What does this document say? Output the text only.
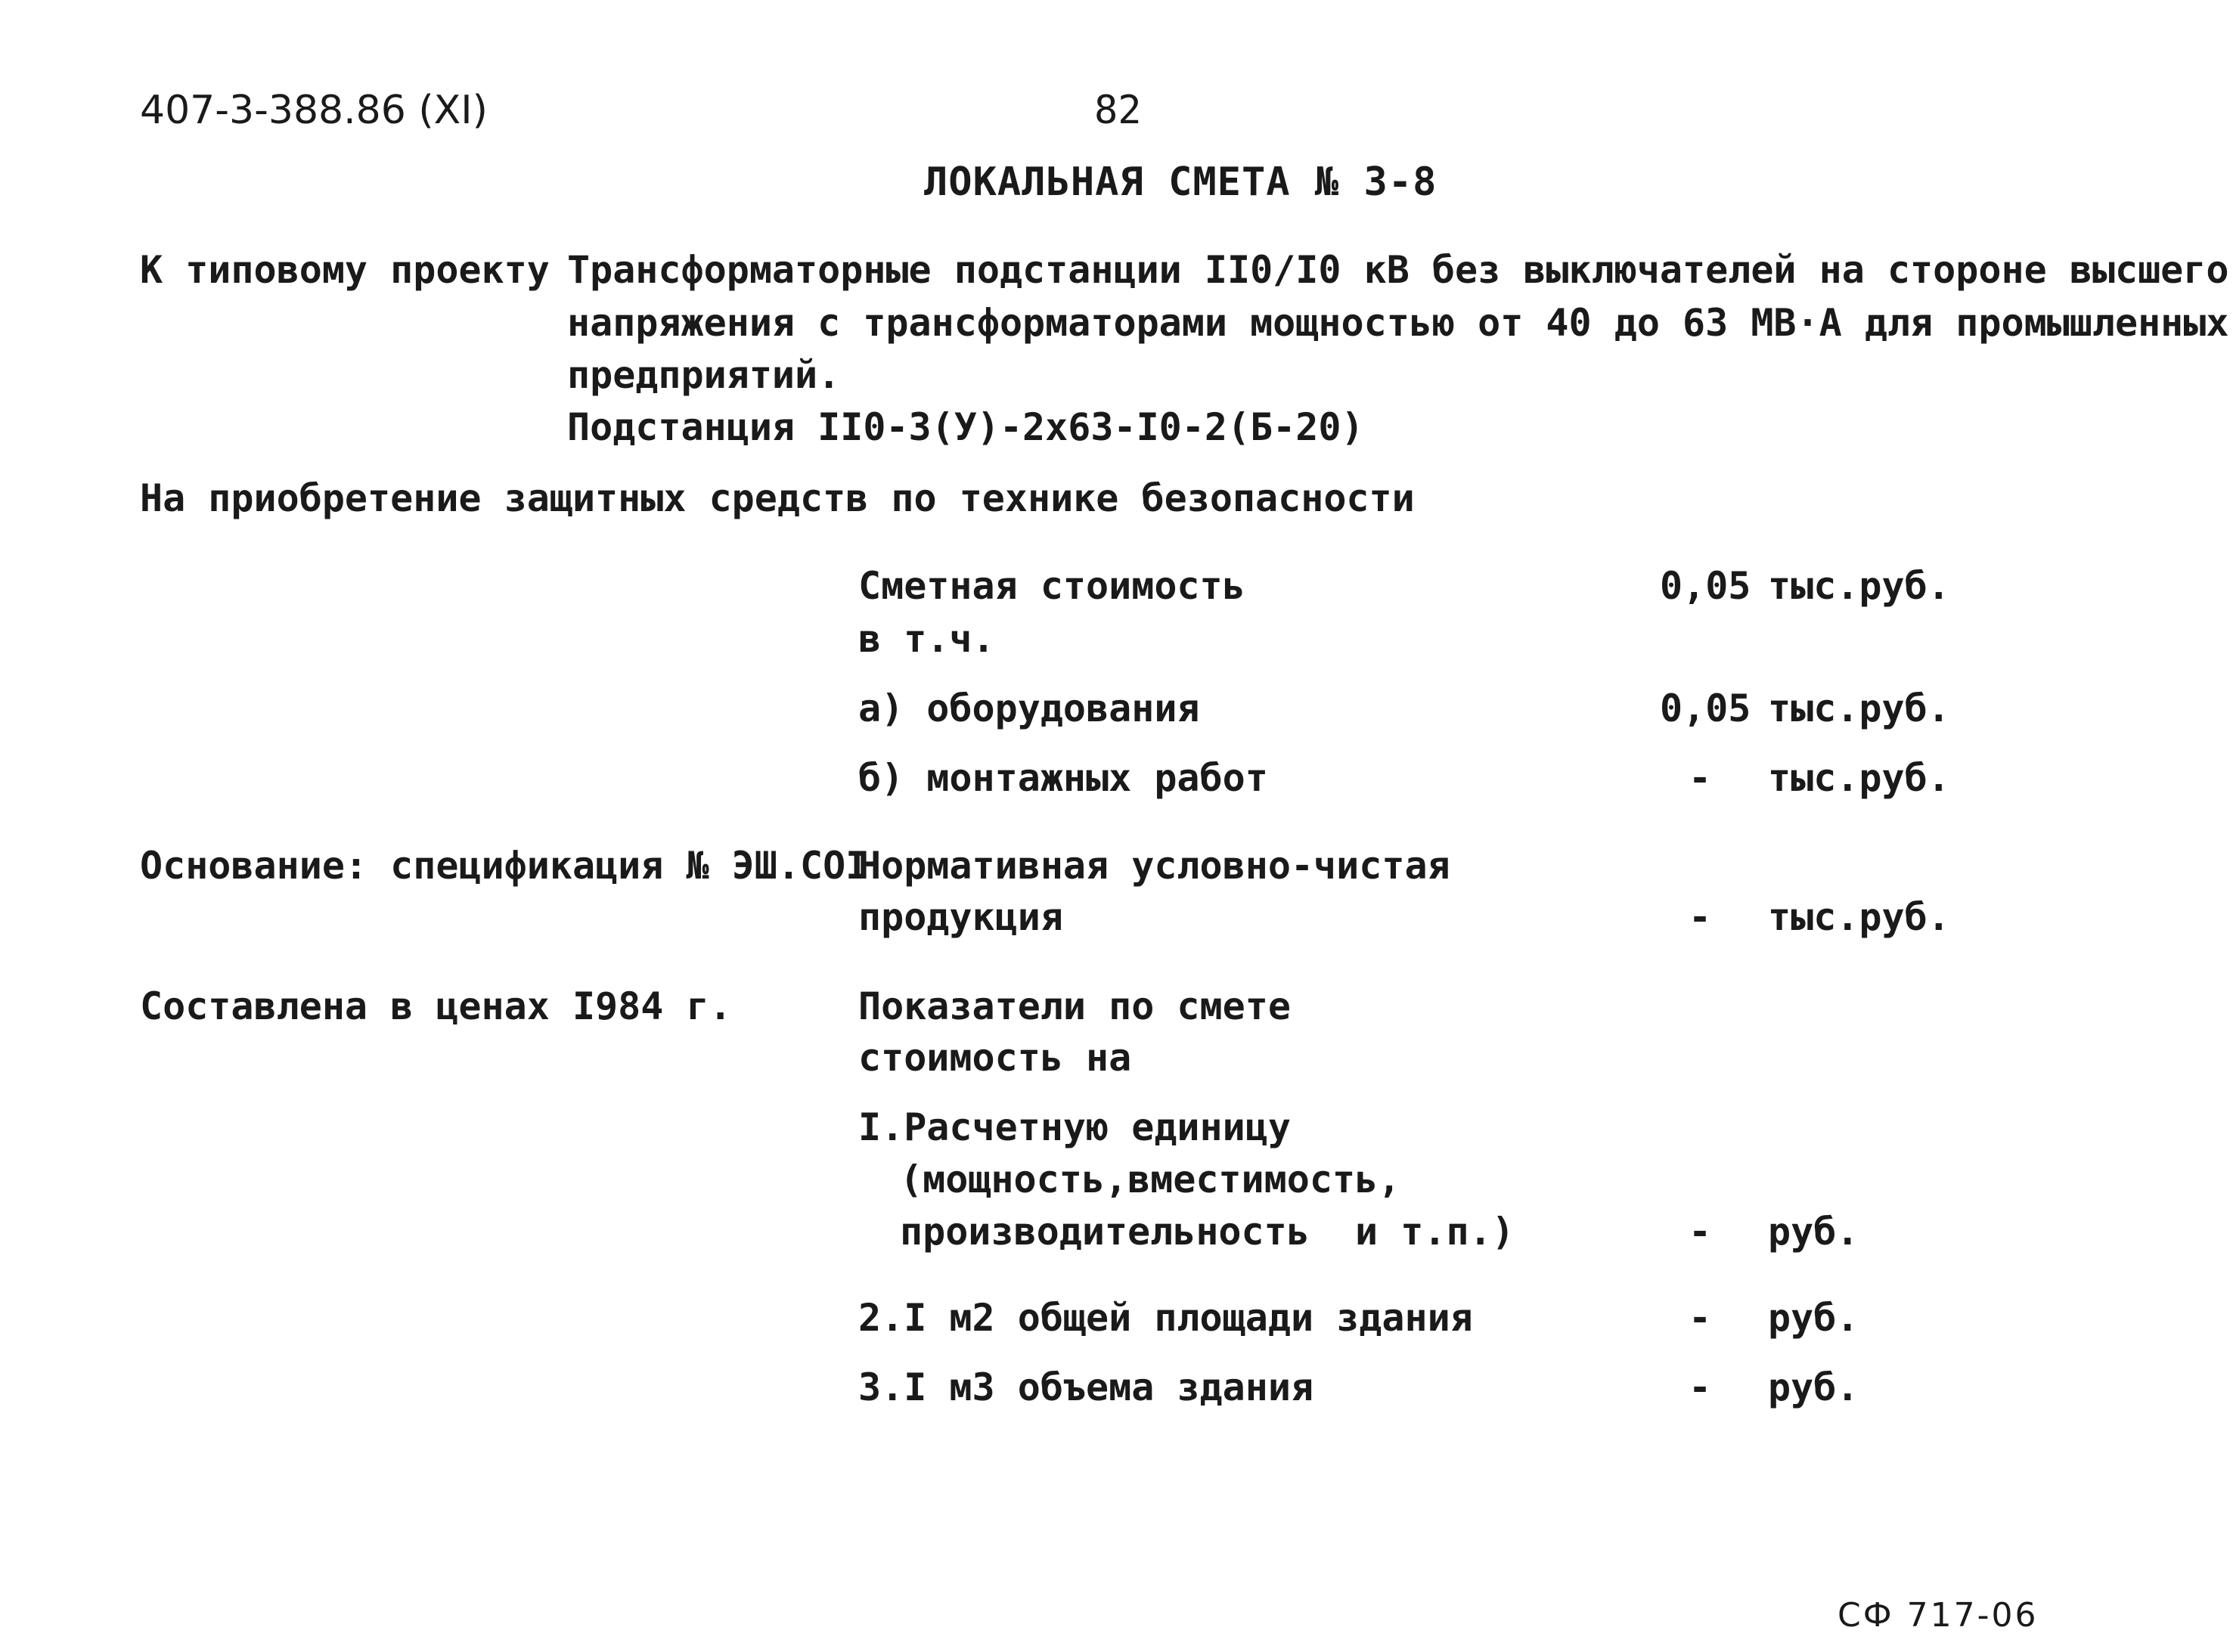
407-3-388.86 (XI)	82
ЛОКАЛЬНАЯ СМЕТА № 3-8
К типовому проекту Трансформаторные подстанции II0/I0 кВ без выключателей на стороне высшего
напряжения с трансформаторами мощностью от 40 до 63 МВ·А для промышленных
предприятий.
Подстанция II0-3(У)-2х63-I0-2(Б-20)
На приобретение защитных средств по технике безопасности
Сметная стоимость	0,05 тыс.руб.
в т.ч.
а) оборудования	0,05 тыс.руб.
б) монтажных работ	- тыс.руб.
Основание: спецификация № ЭШ.СОI
Нормативная условно-чистая
продукция	- тыс.руб.
Составлена в ценах I984 г.	Показатели по смете
стоимость на
I.Расчетную единицу
(мощность,вместимость,
производительность  и т.п.)	- руб.
2.I м2 общей площади здания	- руб.
3.I м3 объема здания	- руб.
СФ 717-06
